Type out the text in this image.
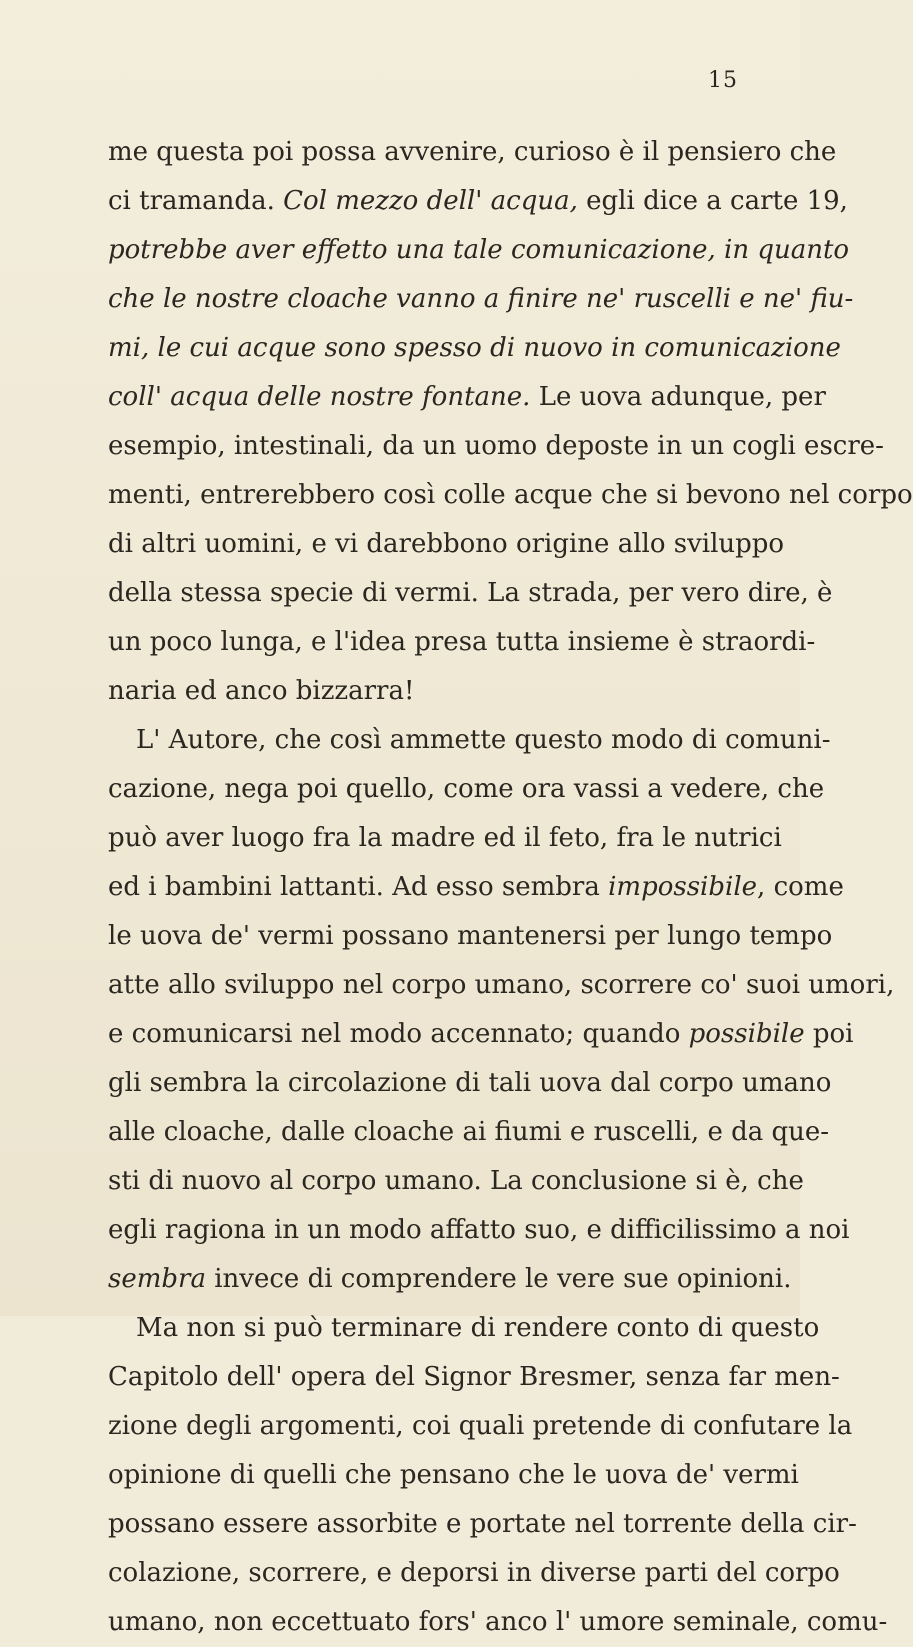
15
me questa poi possa avvenire, curioso è il pensiero che
ci tramanda. Col mezzo dell' acqua, egli dice a carte 19,
potrebbe aver effetto una tale comunicazione, in quanto
che le nostre cloache vanno a finire ne' ruscelli e ne' fiu-
mi, le cui acque sono spesso di nuovo in comunicazione
coll' acqua delle nostre fontane. Le uova adunque, per
esempio, intestinali, da un uomo deposte in un cogli escre-
menti, entrerebbero così colle acque che si bevono nel corpo
di altri uomini, e vi darebbono origine allo sviluppo
della stessa specie di vermi. La strada, per vero dire, è
un poco lunga, e l'idea presa tutta insieme è straordi-
naria ed anco bizzarra!
L' Autore, che così ammette questo modo di comuni-
cazione, nega poi quello, come ora vassi a vedere, che
può aver luogo fra la madre ed il feto, fra le nutrici
ed i bambini lattanti. Ad esso sembra impossibile, come
le uova de' vermi possano mantenersi per lungo tempo
atte allo sviluppo nel corpo umano, scorrere co' suoi umori,
e comunicarsi nel modo accennato; quando possibile poi
gli sembra la circolazione di tali uova dal corpo umano
alle cloache, dalle cloache ai fiumi e ruscelli, e da que-
sti di nuovo al corpo umano. La conclusione si è, che
egli ragiona in un modo affatto suo, e difficilissimo a noi
sembra invece di comprendere le vere sue opinioni.
Ma non si può terminare di rendere conto di questo
Capitolo dell' opera del Signor Bresmer, senza far men-
zione degli argomenti, coi quali pretende di confutare la
opinione di quelli che pensano che le uova de' vermi
possano essere assorbite e portate nel torrente della cir-
colazione, scorrere, e deporsi in diverse parti del corpo
umano, non eccettuato fors' anco l' umore seminale, comu-
